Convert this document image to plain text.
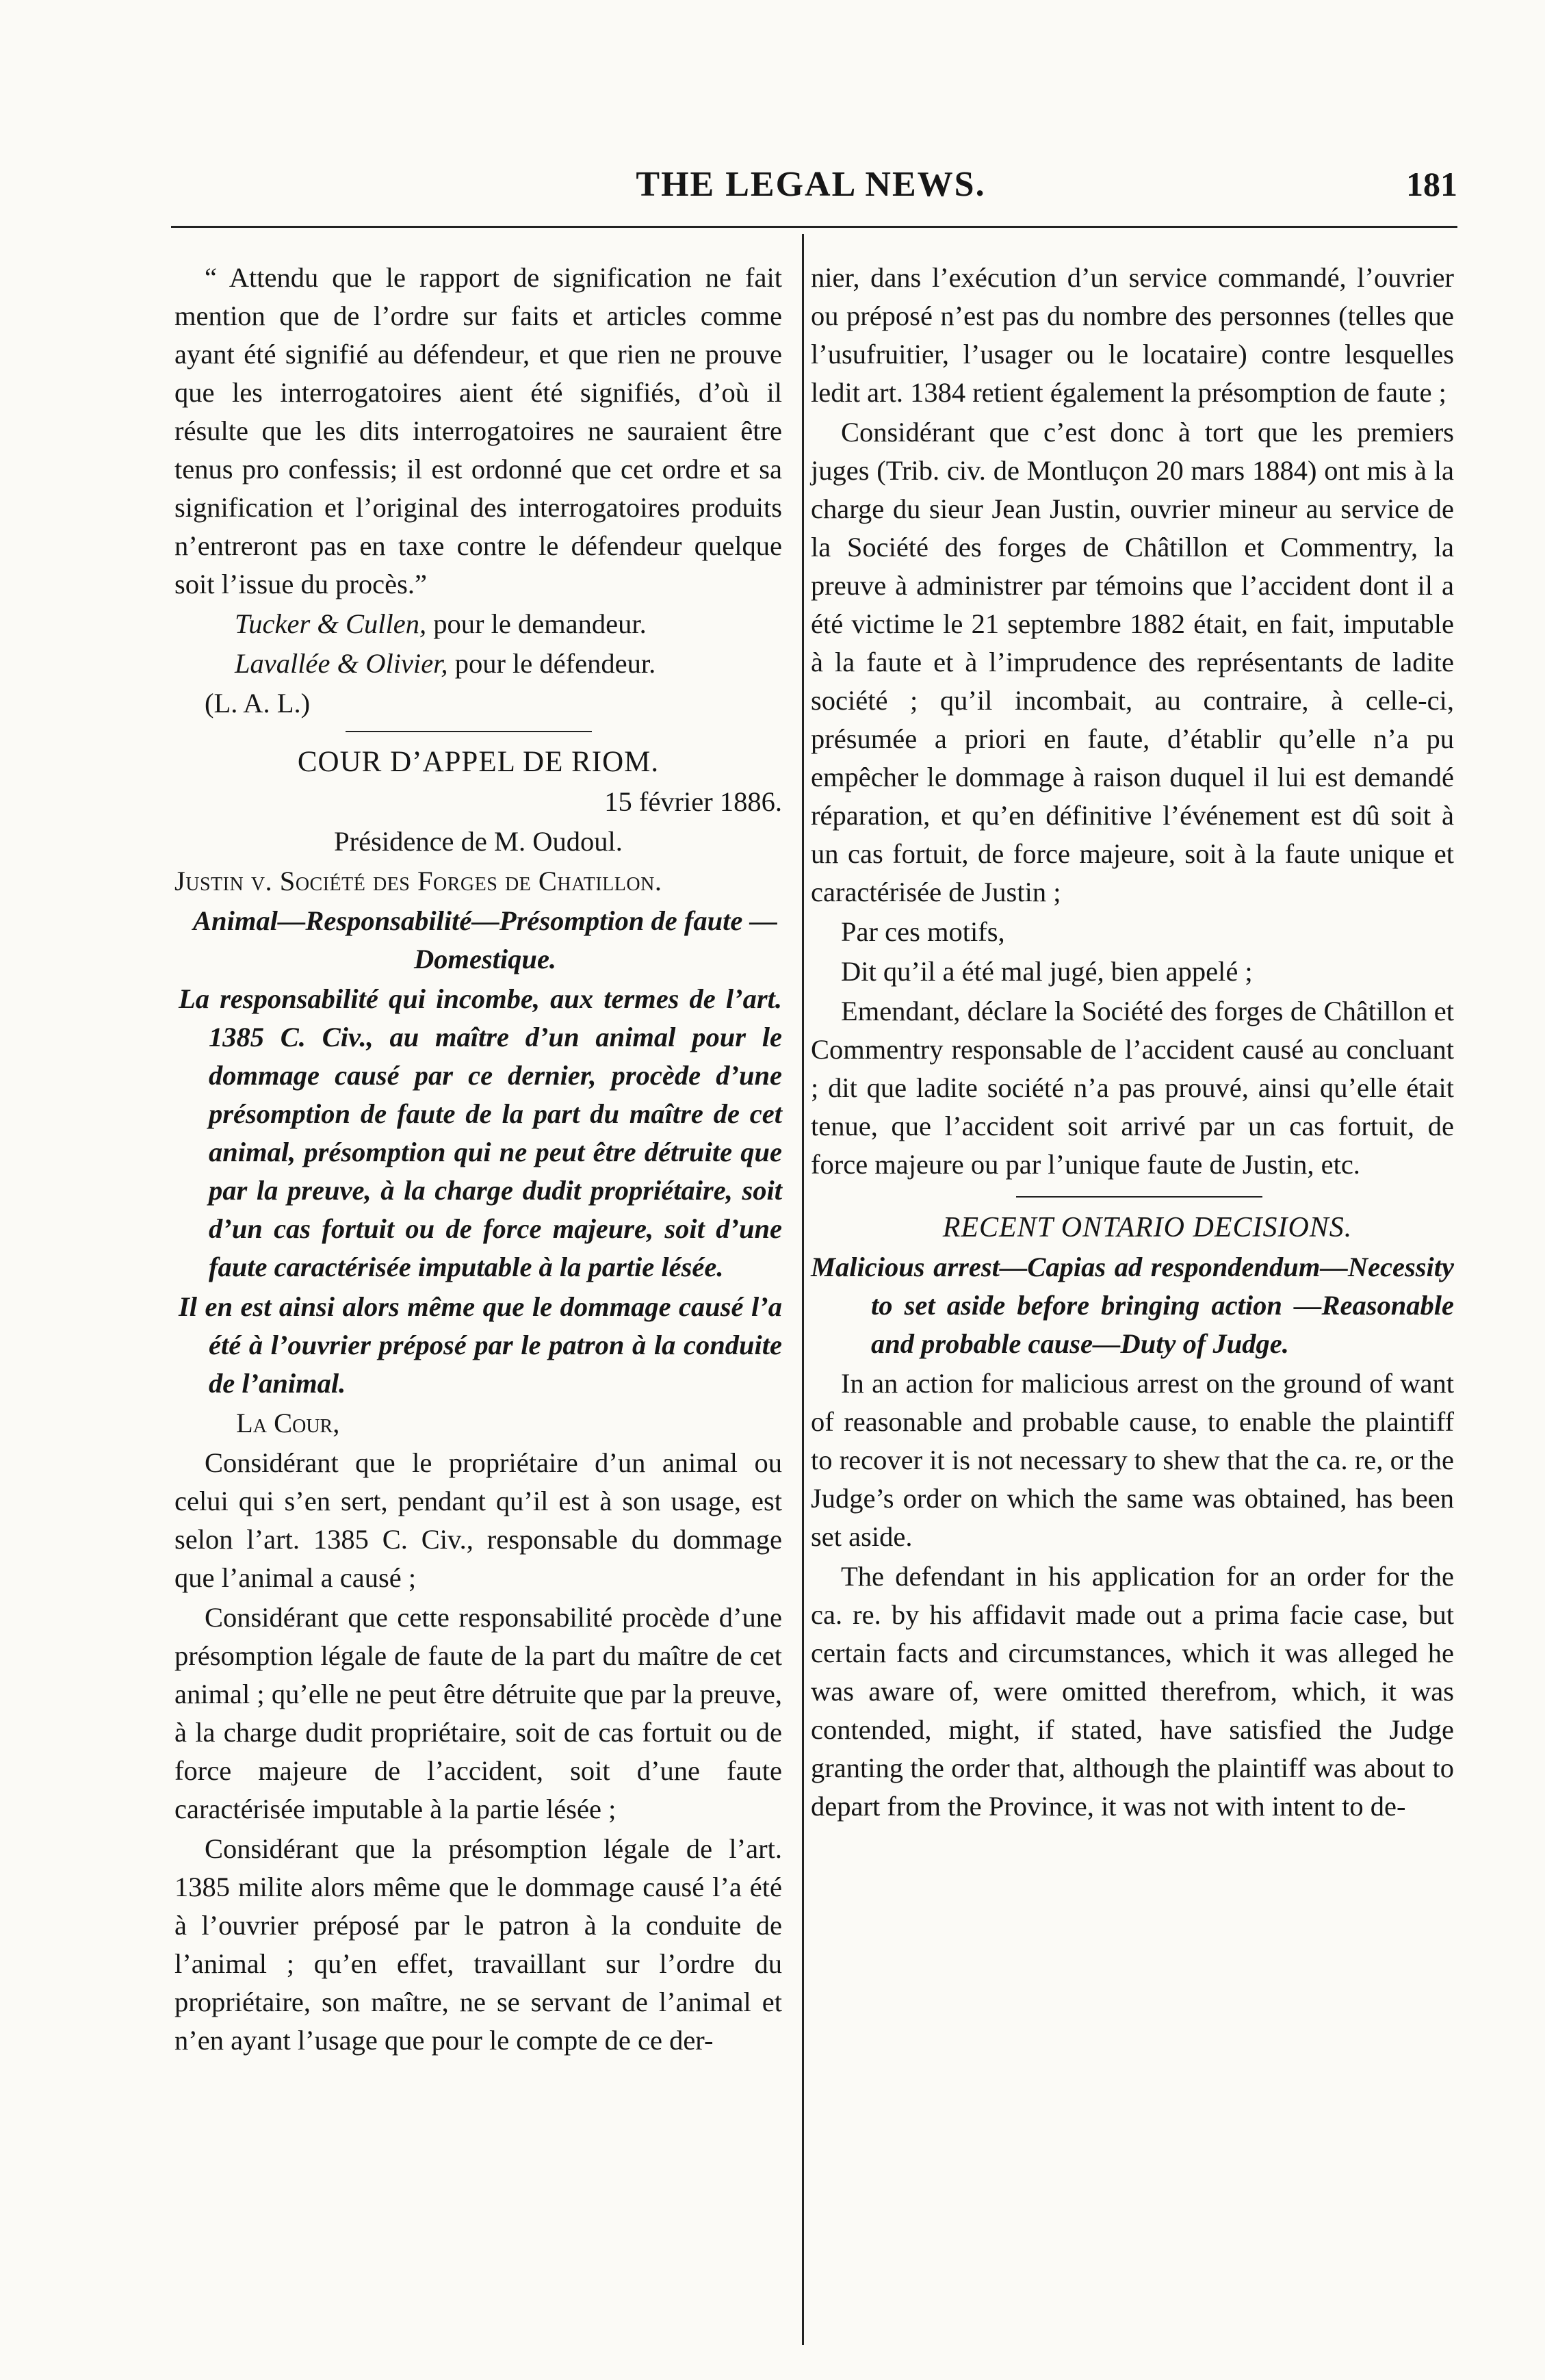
THE LEGAL NEWS.	181

“ Attendu que le rapport de signification ne fait mention que de l’ordre sur faits et articles comme ayant été signifié au défendeur, et que rien ne prouve que les interrogatoires aient été signifiés, d’où il résulte que les dits interrogatoires ne sauraient être tenus pro confessis; il est ordonné que cet ordre et sa signification et l’original des interrogatoires produits n’entreront pas en taxe contre le défendeur quelque soit l’issue du procès.”

Tucker & Cullen, pour le demandeur.

Lavallée & Olivier, pour le défendeur.

(L. A. L.)

COUR D’APPEL DE RIOM.

15 février 1886.

Présidence de M. Oudoul.

Justin v. Société des Forges de Chatillon.

Animal—Responsabilité—Présomption de faute —Domestique.

La responsabilité qui incombe, aux termes de l’art. 1385 C. Civ., au maître d’un animal pour le dommage causé par ce dernier, procède d’une présomption de faute de la part du maître de cet animal, présomption qui ne peut être détruite que par la preuve, à la charge dudit propriétaire, soit d’un cas fortuit ou de force majeure, soit d’une faute caractérisée imputable à la partie lésée.

Il en est ainsi alors même que le dommage causé l’a été à l’ouvrier préposé par le patron à la conduite de l’animal.

La Cour,

Considérant que le propriétaire d’un animal ou celui qui s’en sert, pendant qu’il est à son usage, est selon l’art. 1385 C. Civ., responsable du dommage que l’animal a causé ;

Considérant que cette responsabilité procède d’une présomption légale de faute de la part du maître de cet animal ; qu’elle ne peut être détruite que par la preuve, à la charge dudit propriétaire, soit de cas fortuit ou de force majeure de l’accident, soit d’une faute caractérisée imputable à la partie lésée ;

Considérant que la présomption légale de l’art. 1385 milite alors même que le dommage causé l’a été à l’ouvrier préposé par le patron à la conduite de l’animal ; qu’en effet, travaillant sur l’ordre du propriétaire, son maître, ne se servant de l’animal et n’en ayant l’usage que pour le compte de ce der-

nier, dans l’exécution d’un service commandé, l’ouvrier ou préposé n’est pas du nombre des personnes (telles que l’usufruitier, l’usager ou le locataire) contre lesquelles ledit art. 1384 retient également la présomption de faute ;

Considérant que c’est donc à tort que les premiers juges (Trib. civ. de Montluçon 20 mars 1884) ont mis à la charge du sieur Jean Justin, ouvrier mineur au service de la Société des forges de Châtillon et Commentry, la preuve à administrer par témoins que l’accident dont il a été victime le 21 septembre 1882 était, en fait, imputable à la faute et à l’imprudence des représentants de ladite société ; qu’il incombait, au contraire, à celle-ci, présumée a priori en faute, d’établir qu’elle n’a pu empêcher le dommage à raison duquel il lui est demandé réparation, et qu’en définitive l’événement est dû soit à un cas fortuit, de force majeure, soit à la faute unique et caractérisée de Justin ;

Par ces motifs,

Dit qu’il a été mal jugé, bien appelé ;

Emendant, déclare la Société des forges de Châtillon et Commentry responsable de l’accident causé au concluant ; dit que ladite société n’a pas prouvé, ainsi qu’elle était tenue, que l’accident soit arrivé par un cas fortuit, de force majeure ou par l’unique faute de Justin, etc.

RECENT ONTARIO DECISIONS.

Malicious arrest—Capias ad respondendum—Necessity to set aside before bringing action —Reasonable and probable cause—Duty of Judge.

In an action for malicious arrest on the ground of want of reasonable and probable cause, to enable the plaintiff to recover it is not necessary to shew that the ca. re, or the Judge’s order on which the same was obtained, has been set aside.

The defendant in his application for an order for the ca. re. by his affidavit made out a prima facie case, but certain facts and circumstances, which it was alleged he was aware of, were omitted therefrom, which, it was contended, might, if stated, have satisfied the Judge granting the order that, although the plaintiff was about to depart from the Province, it was not with intent to de-
